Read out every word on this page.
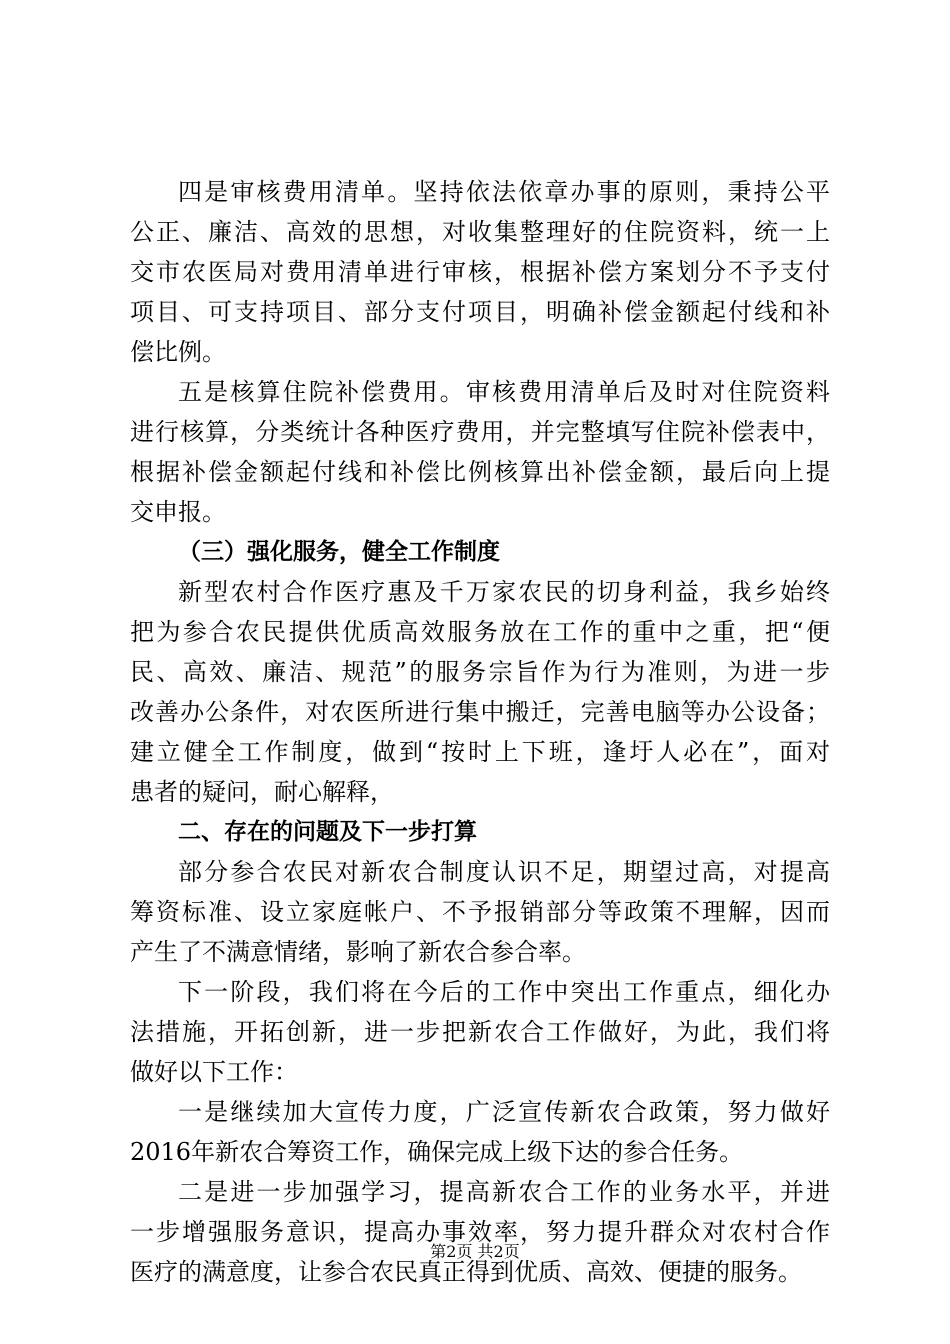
四是审核费用清单。坚持依法依章办事的原则，秉持公平
公正、廉洁、高效的思想，对收集整理好的住院资料，统一上
交市农医局对费用清单进行审核，根据补偿方案划分不予支付
项目、可支持项目、部分支付项目，明确补偿金额起付线和补
偿比例。
五是核算住院补偿费用。审核费用清单后及时对住院资料
进行核算，分类统计各种医疗费用，并完整填写住院补偿表中，
根据补偿金额起付线和补偿比例核算出补偿金额，最后向上提
交申报。
（三）强化服务，健全工作制度
新型农村合作医疗惠及千万家农民的切身利益，我乡始终
把为参合农民提供优质高效服务放在工作的重中之重，把“便
民、高效、廉洁、规范”的服务宗旨作为行为准则，为进一步
改善办公条件，对农医所进行集中搬迁，完善电脑等办公设备；
建立健全工作制度，做到“按时上下班，逢圩人必在”，面对
患者的疑问，耐心解释，
二、存在的问题及下一步打算
部分参合农民对新农合制度认识不足，期望过高，对提高
筹资标准、设立家庭帐户、不予报销部分等政策不理解，因而
产生了不满意情绪，影响了新农合参合率。
下一阶段，我们将在今后的工作中突出工作重点，细化办
法措施，开拓创新，进一步把新农合工作做好，为此，我们将
做好以下工作：
一是继续加大宣传力度，广泛宣传新农合政策，努力做好
2016年新农合筹资工作，确保完成上级下达的参合任务。
二是进一步加强学习，提高新农合工作的业务水平，并进
一步增强服务意识，提高办事效率，努力提升群众对农村合作
医疗的满意度，让参合农民真正得到优质、高效、便捷的服务。
第2页 共2页
